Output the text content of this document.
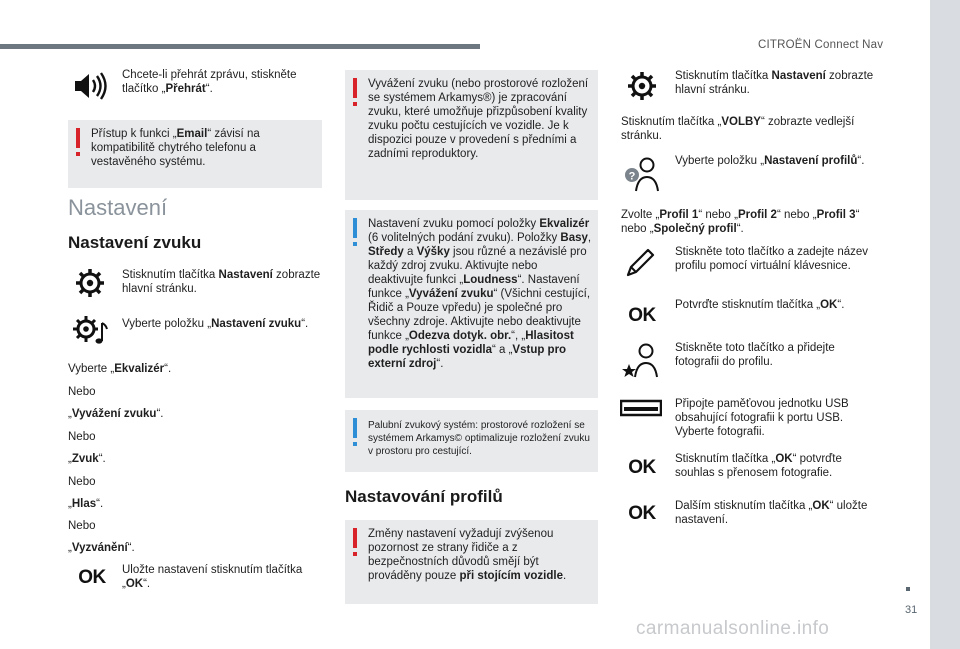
CITROËN Connect Nav
31
carmanualsonline.info
Chcete-li přehrát zprávu, stiskněte tlačítko „Přehrát“.
Přístup k funkci „Email“ závisí na kompatibilitě chytrého telefonu a vestavěného systému.
Nastavení
Nastavení zvuku
Stisknutím tlačítka Nastavení zobrazte hlavní stránku.
Vyberte položku „Nastavení zvuku“.
Vyberte „Ekvalizér“.
Nebo
„Vyvážení zvuku“.
Nebo
„Zvuk“.
Nebo
„Hlas“.
Nebo
„Vyzvánění“.
OK	Uložte nastavení stisknutím tlačítka „OK“.
Vyvážení zvuku (nebo prostorové rozložení se systémem Arkamys®) je zpracování zvuku, které umožňuje přizpůsobení kvality zvuku počtu cestujících ve vozidle. Je k dispozici pouze v provedení s předními a zadními reproduktory.
Nastavení zvuku pomocí položky Ekvalizér (6 volitelných podání zvuku). Položky Basy, Středy a Výšky jsou různé a nezávislé pro každý zdroj zvuku. Aktivujte nebo deaktivujte funkci „Loudness“. Nastavení funkce „Vyvážení zvuku“ (Všichni cestující, Řidič a Pouze vpředu) je společné pro všechny zdroje. Aktivujte nebo deaktivujte funkce „Odezva dotyk. obr.“, „Hlasitost podle rychlosti vozidla“ a „Vstup pro externí zdroj“.
Palubní zvukový systém: prostorové rozložení se systémem Arkamys© optimalizuje rozložení zvuku v prostoru pro cestující.
Nastavování profilů
Změny nastavení vyžadují zvýšenou pozornost ze strany řidiče a z bezpečnostních důvodů smějí být prováděny pouze při stojícím vozidle.
Stisknutím tlačítka Nastavení zobrazte hlavní stránku.
Stisknutím tlačítka „VOLBY“ zobrazte vedlejší stránku.
?
Vyberte položku „Nastavení profilů“.
Zvolte „Profil 1“ nebo „Profil 2“ nebo „Profil 3“ nebo „Společný profil“.
Stiskněte toto tlačítko a zadejte název profilu pomocí virtuální klávesnice.
OK	Potvrďte stisknutím tlačítka „OK“.
Stiskněte toto tlačítko a přidejte fotografii do profilu.
Připojte paměťovou jednotku USB obsahující fotografii k portu USB. Vyberte fotografii.
OK	Stisknutím tlačítka „OK“ potvrďte souhlas s přenosem fotografie.
OK	Dalším stisknutím tlačítka „OK“ uložte nastavení.
